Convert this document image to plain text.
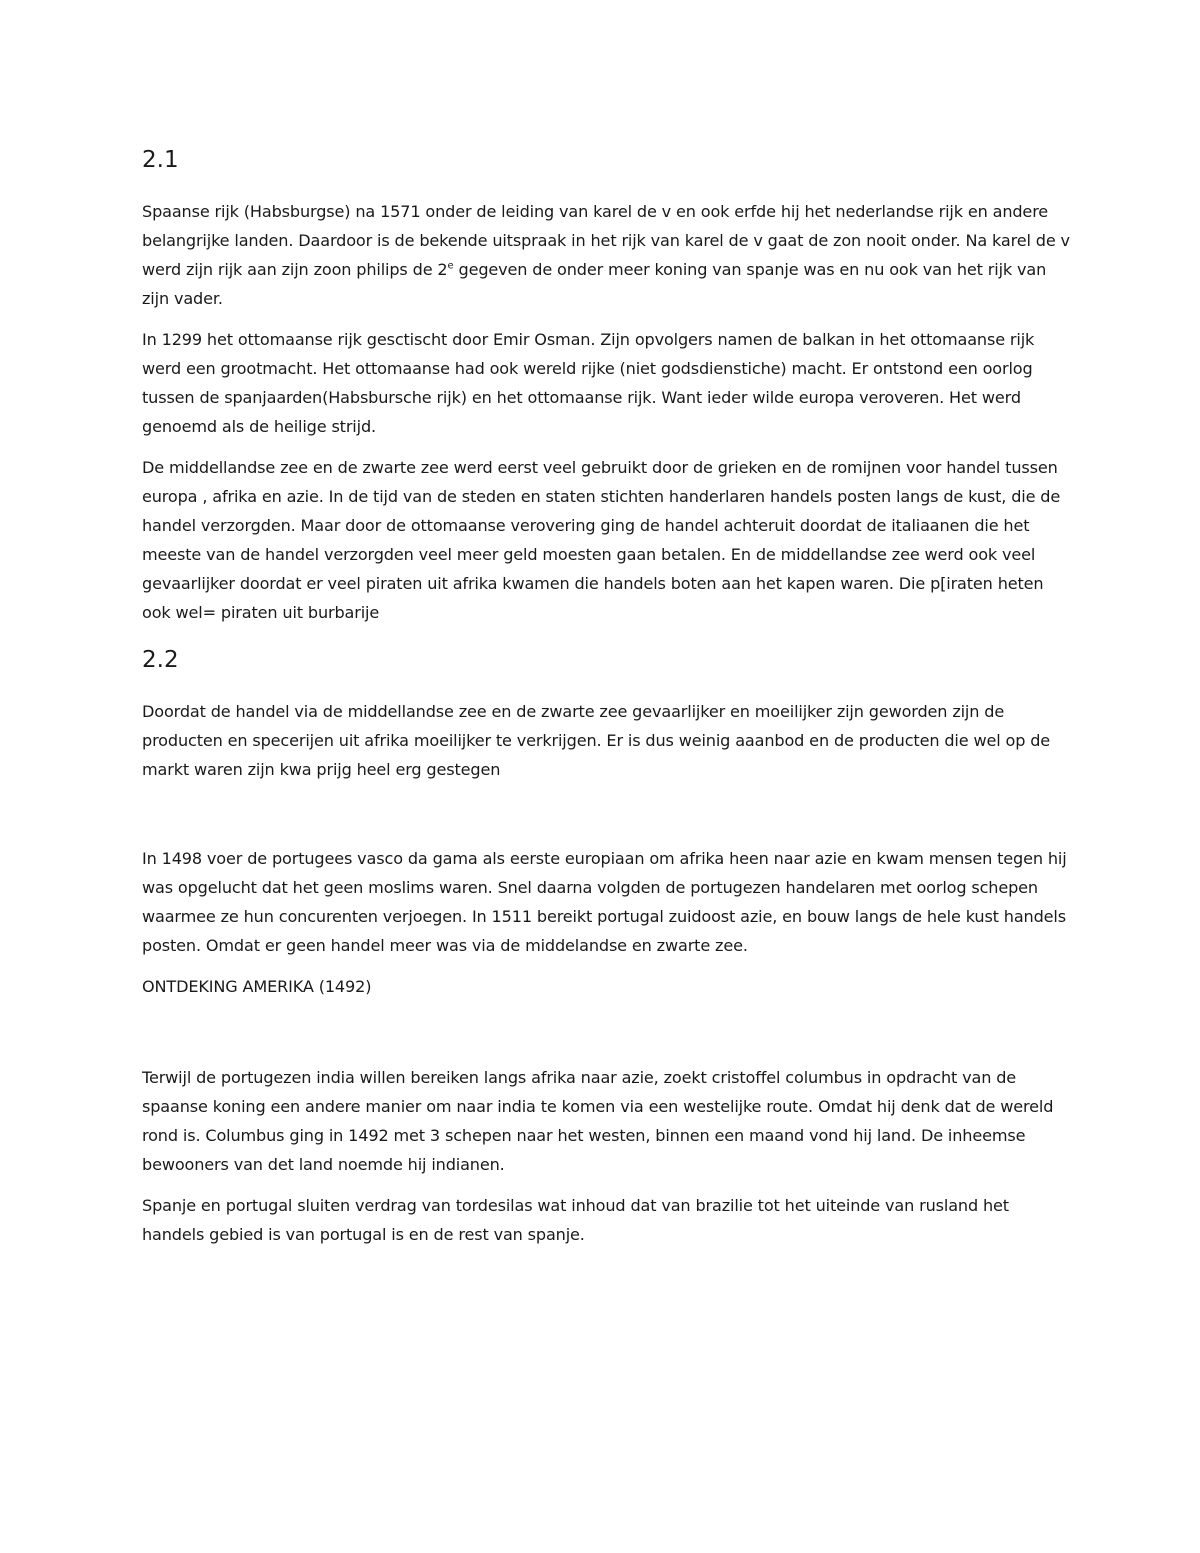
2.1

Spaanse rijk (Habsburgse) na 1571 onder de leiding van karel de v en ook erfde hij het nederlandse rijk en andere belangrijke landen. Daardoor is de bekende uitspraak in het rijk van karel de v gaat de zon nooit onder. Na karel de v werd zijn rijk aan zijn zoon philips de 2e gegeven de onder meer koning van spanje was en nu ook van het rijk van zijn vader.

In 1299 het ottomaanse rijk gesctischt door Emir Osman. Zijn opvolgers namen de balkan in het ottomaanse rijk werd een grootmacht. Het ottomaanse had ook wereld rijke (niet godsdienstiche) macht. Er ontstond een oorlog tussen de spanjaarden(Habsbursche rijk) en het ottomaanse rijk. Want ieder wilde europa veroveren. Het werd genoemd als de heilige strijd.

De middellandse zee en de zwarte zee werd eerst veel gebruikt door de grieken en de romijnen voor handel tussen europa , afrika en azie. In de tijd van de steden en staten stichten handerlaren handels posten langs de kust, die de handel verzorgden. Maar door de ottomaanse verovering ging de handel achteruit doordat de italiaanen die het meeste van de handel verzorgden veel meer geld moesten gaan betalen. En de middellandse zee werd ook veel gevaarlijker doordat er veel piraten uit afrika kwamen die handels boten aan het kapen waren. Die p[iraten heten ook wel= piraten uit burbarije

2.2

Doordat de handel via de middellandse zee en de zwarte zee gevaarlijker en moeilijker zijn geworden zijn de producten en specerijen uit afrika moeilijker te verkrijgen. Er is dus weinig aaanbod en de producten die wel op de markt waren zijn kwa prijg heel erg gestegen

In 1498 voer de portugees vasco da gama als eerste europiaan om afrika heen naar azie en kwam mensen tegen hij was opgelucht dat het geen moslims waren. Snel daarna volgden de portugezen handelaren met oorlog schepen waarmee ze hun concurenten verjoegen. In 1511 bereikt portugal zuidoost azie, en bouw langs de hele kust handels posten. Omdat er geen handel meer was via de middelandse en zwarte zee.

ONTDEKING AMERIKA (1492)

Terwijl de portugezen india willen bereiken langs afrika naar azie, zoekt cristoffel columbus in opdracht van de spaanse koning een andere manier om naar india te komen via een westelijke route. Omdat hij denk dat de wereld rond is. Columbus ging in 1492 met 3 schepen naar het westen, binnen een maand vond hij land. De inheemse bewooners van det land noemde hij indianen.

Spanje en portugal sluiten verdrag van tordesilas wat inhoud dat van brazilie tot het uiteinde van rusland het handels gebied is van portugal is en de rest van spanje.
